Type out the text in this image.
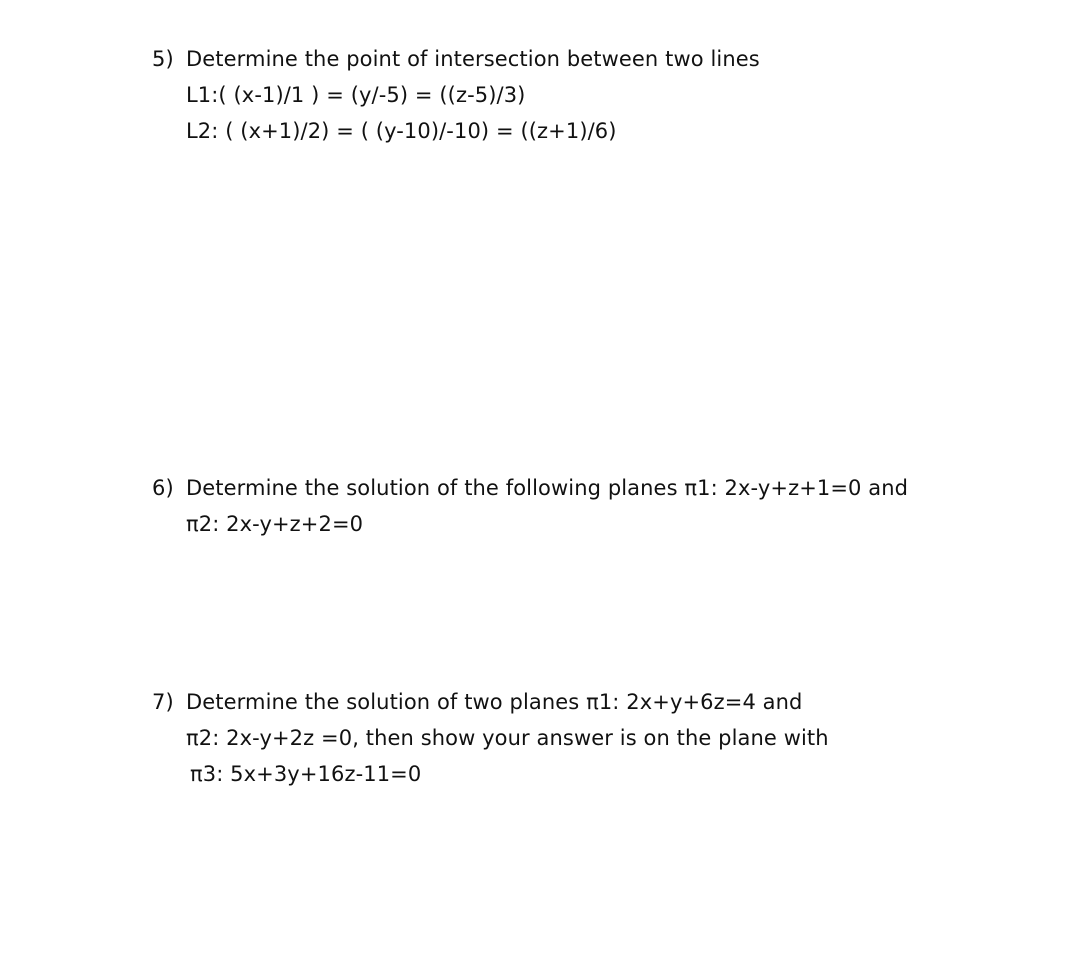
5) Determine the point of intersection between two lines
L1:( (x-1)/1 ) = (y/-5) = ((z-5)/3)
L2: ( (x+1)/2) = ( (y-10)/-10) = ((z+1)/6)
6) Determine the solution of the following planes π1: 2x-y+z+1=0 and
π2: 2x-y+z+2=0
7) Determine the solution of two planes π1: 2x+y+6z=4 and
π2: 2x-y+2z =0, then show your answer is on the plane with
π3: 5x+3y+16z-11=0
